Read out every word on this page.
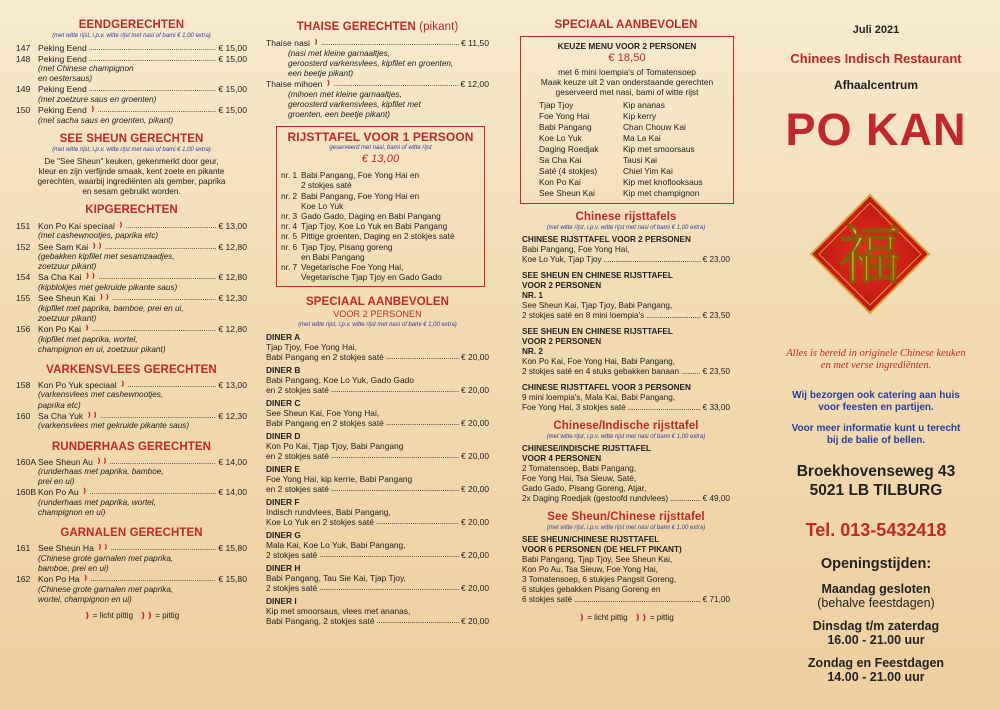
EENDGERECHTEN
(met witte rijst, i.p.v. witte rijst met nasi of bami € 1,00 extra)
147 Peking Eend .....	€ 15,00
148 Peking Eend .....	€ 15,00
(met Chinese champignon
en oestersaus)
149 Peking Eend .....	€ 15,00
(met zoetzure saus en groenten)
150 Peking Eend ❫ .....	€ 15,00
(met sacha saus en groenten, pikant)
SEE SHEUN GERECHTEN
(met witte rijst, i.p.v. witte rijst met nasi of bami € 1,00 extra)
De "See Sheun" keuken, gekenmerkt door geur,
kleur en zijn verfijnde smaak, kent zoete en pikante
gerechten, waarbij ingrediënten als gember, paprika
en sesam gebruikt worden.
KIPGERECHTEN
151 Kon Po Kai speciaal ❫ .....	€ 13,00
(met cashewnootjes, paprika etc)
152 See Sam Kai ❫❫ .....	€ 12,80
(gebakken kipfilet met sesamzaadjes,
zoetzuur pikant)
154 Sa Cha Kai ❫❫ .....	€ 12,80
(kipblokjes met gekruide pikante saus)
155 See Sheun Kai ❫❫ .....	€ 12,30
(kipfilet met paprika, bamboe, prei en ui,
zoetzuur pikant)
156 Kon Po Kai ❫ .....	€ 12,80
(kipfilet met paprika, wortel,
champignon en ui, zoetzuur pikant)
VARKENSVLEES GERECHTEN
158 Kon Po Yuk speciaal ❫ .....	€ 13,00
(varkensvlees met cashewnootjes,
paprika etc)
160 Sa Cha Yuk ❫❫ .....	€ 12,30
(varkensvlees met gekruide pikante saus)
RUNDERHAAS GERECHTEN
160A See Sheun Au ❫❫ .....	€ 14,00
(runderhaas met paprika, bamboe,
prei en ui)
160B Kon Po Au ❫ .....	€ 14,00
(runderhaas met paprika, wortel,
champignon en ui)
GARNALEN GERECHTEN
161 See Sheun Ha ❫❫ .....	€ 15,80
(Chinese grote garnalen met paprika,
bamboe, prei en ui)
162 Kon Po Ha ❫ .....	€ 15,80
(Chinese grote garnalen met paprika,
wortel, champignon en ui)
❫ = licht pittig ❫❫ = pittig
THAISE GERECHTEN (pikant)
Thaise nasi ❫ .....	€ 11,50
(nasi met kleine garnaaltjes,
geroosterd varkensvlees, kipfilet en groenten,
een beetje pikant)
Thaise mihoen ❫ .....	€ 12,00
(mihoen met kleine garnaaltjes,
geroosterd varkensvlees, kipfilet met
groenten, een beetje pikant)
RIJSTTAFEL VOOR 1 PERSOON
geserveerd met nasi, bami of witte rijst
€ 13,00
nr. 1 Babi Pangang, Foe Yong Hai en
2 stokjes saté
nr. 2 Babi Pangang, Foe Yong Hai en
Koe Lo Yuk
nr. 3 Gado Gado, Daging en Babi Pangang
nr. 4 Tjap Tjoy, Koe Lo Yuk en Babi Pangang
nr. 5 Pittige groenten, Daging en 2 stokjes saté
nr. 6 Tjap Tjoy, Pisang goreng
en Babi Pangang
nr. 7 Vegetarische Foe Yong Hai,
Vegetarische Tjap Tjoy en Gado Gado
SPECIAAL AANBEVOLEN
VOOR 2 PERSONEN
(met witte rijst, i.p.v. witte rijst met nasi of bami € 1,00 extra)
DINER A
Tjap Tjoy, Foe Yong Hai,
Babi Pangang en 2 stokjes saté .....	€ 20,00
DINER B
Babi Pangang, Koe Lo Yuk, Gado Gado
en 2 stokjes saté .....	€ 20,00
DINER C
See Sheun Kai, Foe Yong Hai,
Babi Pangang en 2 stokjes saté .....	€ 20,00
DINER D
Kon Po Kai, Tjap Tjoy, Babi Pangang
en 2 stokjes saté .....	€ 20,00
DINER E
Foe Yong Hai, kip kerrie, Babi Pangang
en 2 stokjes saté .....	€ 20,00
DINER F
Indisch rundvlees, Babi Pangang,
Koe Lo Yuk en 2 stokjes saté .....	€ 20,00
DINER G
Mala Kai, Koe Lo Yuk, Babi Pangang,
2 stokjes saté .....	€ 20,00
DINER H
Babi Pangang, Tau Sie Kai, Tjap Tjoy,
2 stokjes saté .....	€ 20,00
DINER I
Kip met smoorsaus, vlees met ananas,
Babi Pangang, 2 stokjes saté .....	€ 20,00
SPECIAAL AANBEVOLEN
KEUZE MENU VOOR 2 PERSONEN
€ 18,50
met 6 mini loempia's of Tomatensoep
Maak keuze uit 2 van onderstaande gerechten
geserveerd met nasi, bami of witte rijst
Tjap Tjoy	Kip ananas
Foe Yong Hai	Kip kerry
Babi Pangang	Chan Chouw Kai
Koe Lo Yuk	Ma La Kai
Daging Roedjak	Kip met smoorsaus
Sa Cha Kai	Tausi Kai
Saté (4 stokjes)	Chiel Yim Kai
Kon Po Kai	Kip met knoflooksaus
See Sheun Kai	Kip met champignon
Chinese rijsttafels
(met witte rijst, i.p.v. witte rijst met nasi of bami € 1,00 extra)
CHINESE RIJSTTAFEL VOOR 2 PERSONEN
Babi Pangang, Foe Yong Hai,
Koe Lo Yuk, Tjap Tjoy .....	€ 23,00
SEE SHEUN EN CHINESE RIJSTTAFEL
VOOR 2 PERSONEN
NR. 1
See Sheun Kai, Tjap Tjoy, Babi Pangang,
2 stokjes saté en 8 mini loempia's .....	€ 23,50
SEE SHEUN EN CHINESE RIJSTTAFEL
VOOR 2 PERSONEN
NR. 2
Kon Po Kai, Foe Yong Hai, Babi Pangang,
2 stokjes saté en 4 stuks gebakken banaan .....	€ 23,50
CHINESE RIJSTTAFEL VOOR 3 PERSONEN
9 mini loempia's, Mala Kai, Babi Pangang,
Foe Yong Hai, 3 stokjes saté .....	€ 33,00
Chinese/Indische rijsttafel
(met witte rijst, i.p.v. witte rijst met nasi of bami € 1,00 extra)
CHINESE/INDISCHE RIJSTTAFEL
VOOR 4 PERSONEN
2 Tomatensoep, Babi Pangang,
Foe Yong Hai, Tsa Sieuw, Saté,
Gado Gado, Pisang Goreng, Atjar,
2x Daging Roedjak (gestoofd rundvlees) .....	€ 49,00
See Sheun/Chinese rijsttafel
(met witte rijst, i.p.v. witte rijst met nasi of bami € 1,00 extra)
SEE SHEUN/CHINESE RIJSTTAFEL
VOOR 6 PERSONEN (DE HELFT PIKANT)
Babi Pangang, Tjap Tjoy, See Sheun Kai,
Kon Po Au, Tsa Sieuw, Foe Yong Hai,
3 Tomatensoep, 6 stukjes Pangsit Goreng,
6 stukjes gebakken Pisang Goreng en
6 stokjes saté .....	€ 71,00
❫ = licht pittig ❫❫ = pittig
Juli 2021
Chinees Indisch Restaurant
Afhaalcentrum
PO KAN
福
Alles is bereid in originele Chinese keuken
en met verse ingrediënten.
Wij bezorgen ook catering aan huis
voor feesten en partijen.
Voor meer informatie kunt u terecht
bij de balie of bellen.
Broekhovenseweg 43
5021 LB TILBURG
Tel. 013-5432418
Openingstijden:
Maandag gesloten
(behalve feestdagen)
Dinsdag t/m zaterdag
16.00 - 21.00 uur
Zondag en Feestdagen
14.00 - 21.00 uur
